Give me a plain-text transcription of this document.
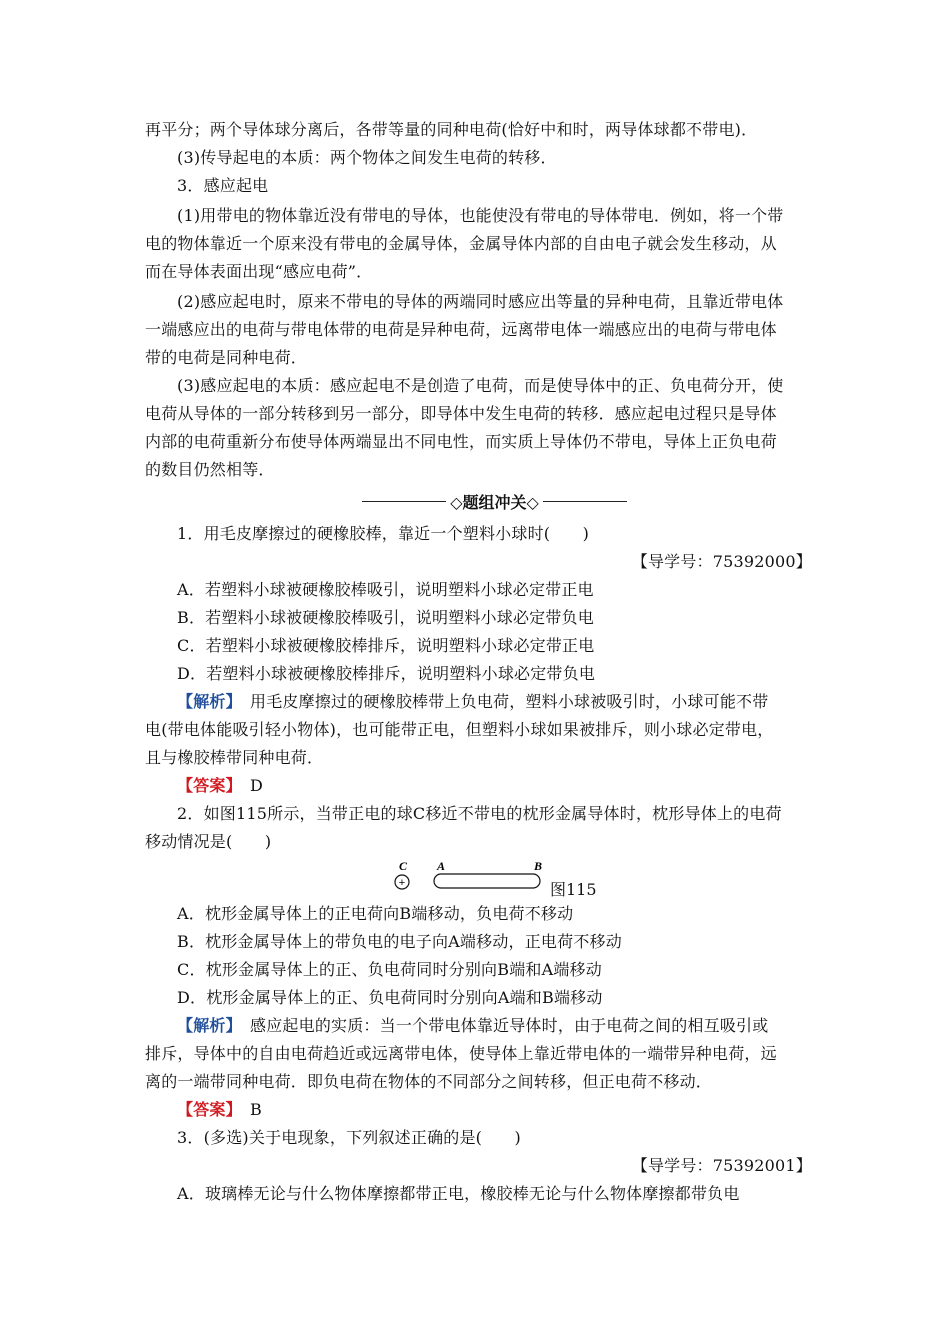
再平分；两个导体球分离后，各带等量的同种电荷(恰好中和时，两导体球都不带电)．
(3)传导起电的本质：两个物体之间发生电荷的转移．
3．感应起电
(1)用带电的物体靠近没有带电的导体，也能使没有带电的导体带电．例如，将一个带
电的物体靠近一个原来没有带电的金属导体，金属导体内部的自由电子就会发生移动，从
而在导体表面出现“感应电荷”．
(2)感应起电时，原来不带电的导体的两端同时感应出等量的异种电荷，且靠近带电体
一端感应出的电荷与带电体带的电荷是异种电荷，远离带电体一端感应出的电荷与带电体
带的电荷是同种电荷．
(3)感应起电的本质：感应起电不是创造了电荷，而是使导体中的正、负电荷分开，使
电荷从导体的一部分转移到另一部分，即导体中发生电荷的转移．感应起电过程只是导体
内部的电荷重新分布使导体两端显出不同电性，而实质上导体仍不带电，导体上正负电荷
的数目仍然相等．
◇题组冲关◇
1．用毛皮摩擦过的硬橡胶棒，靠近一个塑料小球时(　　)
【导学号：75392000】
A．若塑料小球被硬橡胶棒吸引，说明塑料小球必定带正电
B．若塑料小球被硬橡胶棒吸引，说明塑料小球必定带负电
C．若塑料小球被硬橡胶棒排斥，说明塑料小球必定带正电
D．若塑料小球被硬橡胶棒排斥，说明塑料小球必定带负电
【解析】　用毛皮摩擦过的硬橡胶棒带上负电荷，塑料小球被吸引时，小球可能不带
电(带电体能吸引轻小物体)，也可能带正电，但塑料小球如果被排斥，则小球必定带电，
且与橡胶棒带同种电荷．
【答案】　D
2．如图115所示，当带正电的球C移近不带电的枕形金属导体时，枕形导体上的电荷
移动情况是(　　)
C
+
A	B
图115
A．枕形金属导体上的正电荷向B端移动，负电荷不移动
B．枕形金属导体上的带负电的电子向A端移动，正电荷不移动
C．枕形金属导体上的正、负电荷同时分别向B端和A端移动
D．枕形金属导体上的正、负电荷同时分别向A端和B端移动
【解析】　感应起电的实质：当一个带电体靠近导体时，由于电荷之间的相互吸引或
排斥，导体中的自由电荷趋近或远离带电体，使导体上靠近带电体的一端带异种电荷，远
离的一端带同种电荷．即负电荷在物体的不同部分之间转移，但正电荷不移动．
【答案】　B
3．(多选)关于电现象，下列叙述正确的是(　　)
【导学号：75392001】
A．玻璃棒无论与什么物体摩擦都带正电，橡胶棒无论与什么物体摩擦都带负电
